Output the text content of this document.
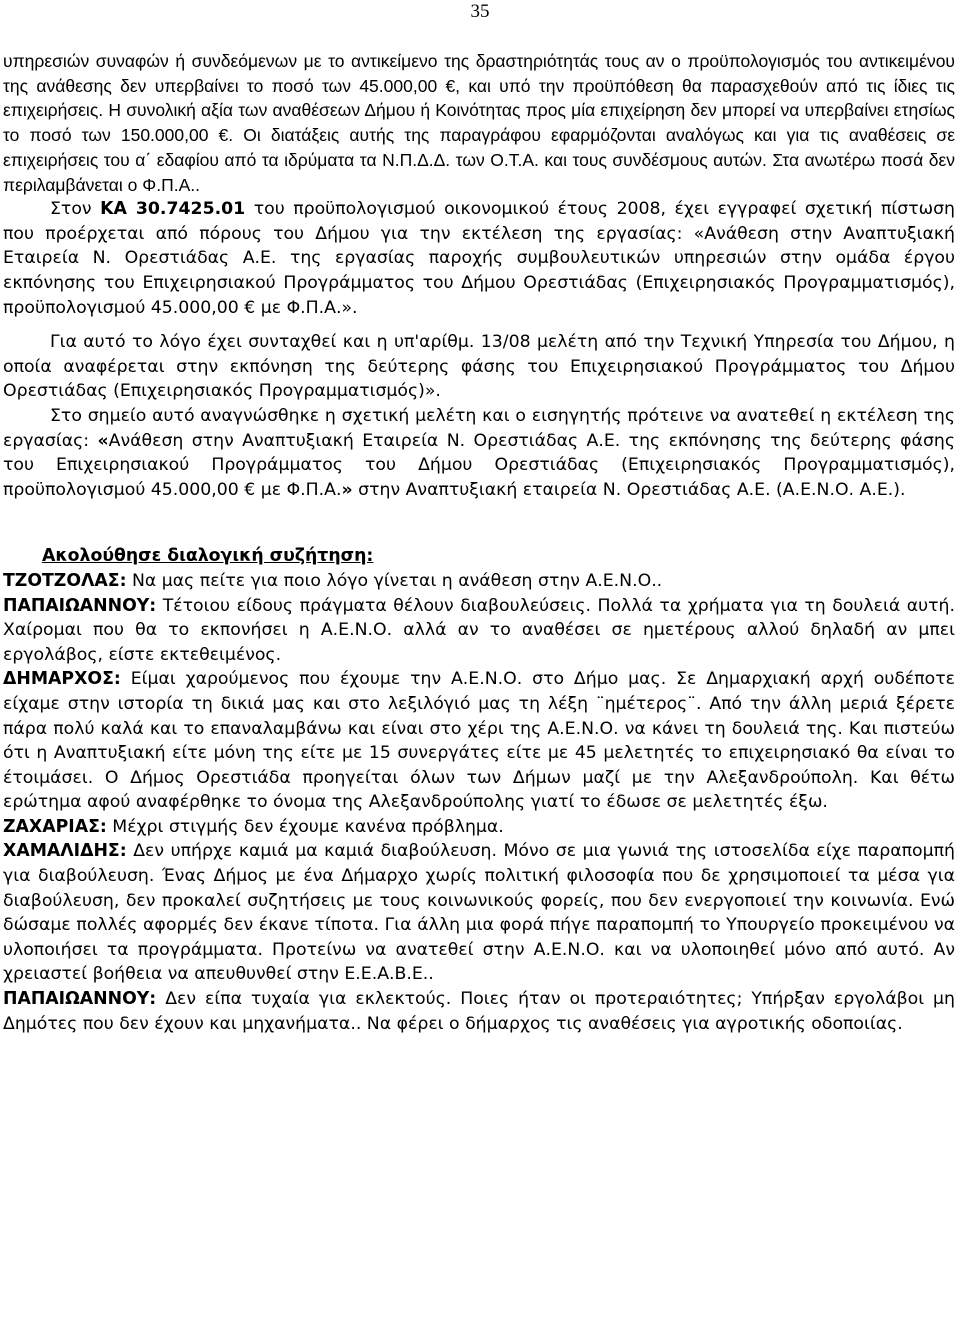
35

υπηρεσιών συναφών ή συνδεόμενων με το αντικείμενο της δραστηριότητάς τους αν ο προϋπολογισμός του αντικειμένου της ανάθεσης δεν υπερβαίνει το ποσό των 45.000,00 €, και υπό την προϋπόθεση θα παρασχεθούν από τις ίδιες τις επιχειρήσεις. Η συνολική αξία των αναθέσεων Δήμου ή Κοινότητας προς μία επιχείρηση δεν μπορεί να υπερβαίνει ετησίως το ποσό των 150.000,00 €. Οι διατάξεις αυτής της παραγράφου εφαρμόζονται αναλόγως και για τις αναθέσεις σε επιχειρήσεις του α΄ εδαφίου από τα ιδρύματα τα Ν.Π.Δ.Δ. των Ο.Τ.Α. και τους συνδέσμους αυτών. Στα ανωτέρω ποσά δεν περιλαμβάνεται ο Φ.Π.Α..

Στον ΚΑ 30.7425.01 του προϋπολογισμού οικονομικού έτους 2008, έχει εγγραφεί σχετική πίστωση που προέρχεται από πόρους του Δήμου για την εκτέλεση της εργασίας: «Ανάθεση στην Αναπτυξιακή Εταιρεία Ν. Ορεστιάδας Α.Ε. της εργασίας παροχής συμβουλευτικών υπηρεσιών στην ομάδα έργου εκπόνησης του Επιχειρησιακού Προγράμματος του Δήμου Ορεστιάδας (Επιχειρησιακός Προγραμματισμός), προϋπολογισμού 45.000,00 € με Φ.Π.Α.».

Για αυτό το λόγο έχει συνταχθεί και η υπ'αρίθμ. 13/08 μελέτη από την Τεχνική Υπηρεσία του Δήμου, η οποία αναφέρεται στην εκπόνηση της δεύτερης φάσης του Επιχειρησιακού Προγράμματος του Δήμου Ορεστιάδας (Επιχειρησιακός Προγραμματισμός)».

Στο σημείο αυτό αναγνώσθηκε η σχετική μελέτη και ο εισηγητής πρότεινε να ανατεθεί η εκτέλεση της εργασίας: «Ανάθεση στην Αναπτυξιακή Εταιρεία Ν. Ορεστιάδας Α.Ε. της εκπόνησης της δεύτερης φάσης του Επιχειρησιακού Προγράμματος του Δήμου Ορεστιάδας (Επιχειρησιακός Προγραμματισμός), προϋπολογισμού 45.000,00 € με Φ.Π.Α.» στην Αναπτυξιακή εταιρεία Ν. Ορεστιάδας Α.Ε. (Α.Ε.Ν.Ο. Α.Ε.).

Ακολούθησε διαλογική συζήτηση:

ΤΖΟΤΖΟΛΑΣ: Να μας πείτε για ποιο λόγο γίνεται η ανάθεση στην Α.Ε.Ν.Ο..

ΠΑΠΑΙΩΑΝΝΟΥ: Τέτοιου είδους πράγματα θέλουν διαβουλεύσεις. Πολλά τα χρήματα για τη δουλειά αυτή. Χαίρομαι που θα το εκπονήσει η Α.Ε.Ν.Ο. αλλά αν το αναθέσει σε ημετέρους αλλού δηλαδή αν μπει εργολάβος, είστε εκτεθειμένος.

ΔΗΜΑΡΧΟΣ: Είμαι χαρούμενος που έχουμε την Α.Ε.Ν.Ο. στο Δήμο μας. Σε Δημαρχιακή αρχή ουδέποτε είχαμε στην ιστορία τη δικιά μας και στο λεξιλόγιό μας τη λέξη ¨ημέτερος¨. Από την άλλη μεριά ξέρετε πάρα πολύ καλά και το επαναλαμβάνω και είναι στο χέρι της Α.Ε.Ν.Ο. να κάνει τη δουλειά της. Και πιστεύω ότι η Αναπτυξιακή είτε μόνη της είτε με 15 συνεργάτες είτε με 45 μελετητές το επιχειρησιακό θα είναι το έτοιμάσει. Ο Δήμος Ορεστιάδα προηγείται όλων των Δήμων μαζί με την Αλεξανδρούπολη. Και θέτω ερώτημα αφού αναφέρθηκε το όνομα της Αλεξανδρούπολης γιατί το έδωσε σε μελετητές έξω.

ΖΑΧΑΡΙΑΣ: Μέχρι στιγμής δεν έχουμε κανένα πρόβλημα.

ΧΑΜΑΛΙΔΗΣ: Δεν υπήρχε καμιά μα καμιά διαβούλευση. Μόνο σε μια γωνιά της ιστοσελίδα είχε παραπομπή για διαβούλευση. Ένας Δήμος με ένα Δήμαρχο χωρίς πολιτική φιλοσοφία που δε χρησιμοποιεί τα μέσα για διαβούλευση, δεν προκαλεί συζητήσεις με τους κοινωνικούς φορείς, που δεν ενεργοποιεί την κοινωνία. Ενώ δώσαμε πολλές αφορμές δεν έκανε τίποτα. Για άλλη μια φορά πήγε παραπομπή το Υπουργείο προκειμένου να υλοποιήσει τα προγράμματα. Προτείνω να ανατεθεί στην Α.Ε.Ν.Ο. και να υλοποιηθεί μόνο από αυτό. Αν χρειαστεί βοήθεια να απευθυνθεί στην Ε.Ε.Α.Β.Ε..

ΠΑΠΑΙΩΑΝΝΟΥ: Δεν είπα τυχαία για εκλεκτούς. Ποιες ήταν οι προτεραιότητες; Υπήρξαν εργολάβοι μη Δημότες που δεν έχουν και μηχανήματα.. Να φέρει ο δήμαρχος τις αναθέσεις για αγροτικής οδοποιίας.
